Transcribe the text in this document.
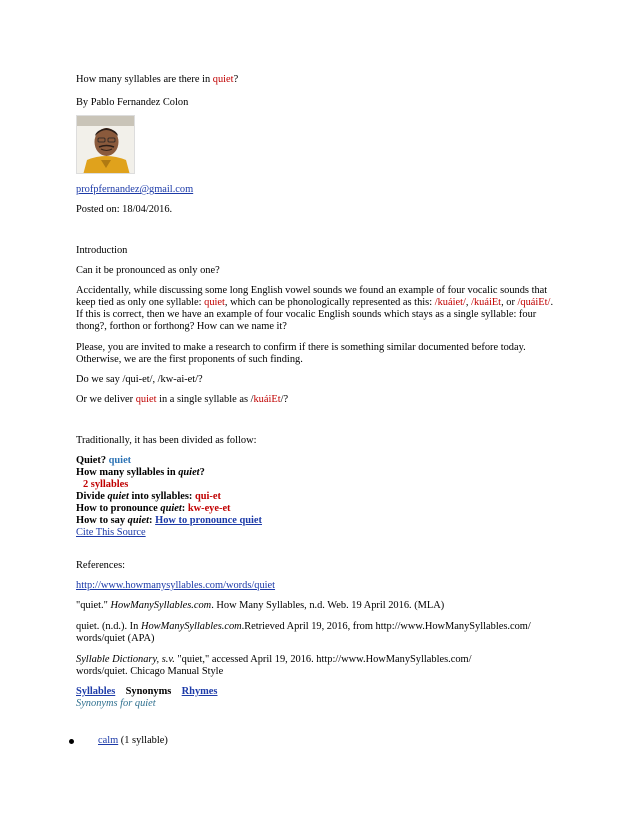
How many syllables are there in quiet?
By Pablo Fernandez Colon
profpfernandez@gmail.com
Posted on: 18/04/2016.
Introduction
Can it be pronounced as only one?
Accidentally, while discussing some long English vowel sounds we found an example of four vocalic sounds that
keep tied as only one syllable: quiet, which can be phonologically represented as this: /kuáiet/, /kuáiEt, or /quáiEt/.
If this is correct, then we have an example of four vocalic English sounds which stays as a single syllable: four
thong?, forthon or forthong? How can we name it?
Please, you are invited to make a research to confirm if there is something similar documented before today.
Otherwise, we are the first proponents of such finding.
Do we say /qui-et/, /kw-ai-et/?
Or we deliver quiet in a single syllable as /kuáiEt/?
Traditionally, it has been divided as follow:
Quiet? quiet
How many syllables in quiet?
2 syllables
Divide quiet into syllables: qui-et
How to pronounce quiet: kw-eye-et
How to say quiet: How to pronounce quiet
Cite This Source
References:
http://www.howmanysyllables.com/words/quiet
"quiet." HowManySyllables.com. How Many Syllables, n.d. Web. 19 April 2016. (MLA)
quiet. (n.d.). In HowManySyllables.com.Retrieved April 19, 2016, from http://www.HowManySyllables.com/
words/quiet (APA)
Syllable Dictionary, s.v. "quiet," accessed April 19, 2016. http://www.HowManySyllables.com/
words/quiet. Chicago Manual Style
Syllables Synonyms Rhymes
Synonyms for quiet
calm (1 syllable)
